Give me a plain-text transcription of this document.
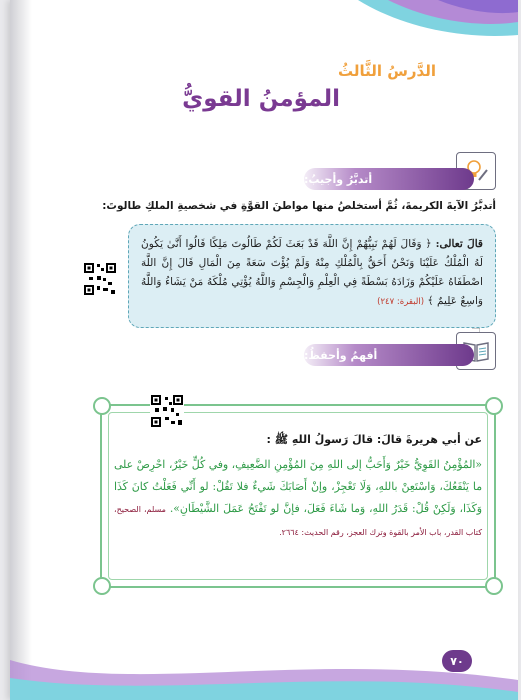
الدَّرسُ الثَّالثُ
المؤمنُ القويُّ
أتدبَّرُ وأجيبُ:
أتدبَّرُ الآيةَ الكريمةَ، ثُمَّ أستخلصُ منها مواطنَ القوَّةِ في شخصيةِ الملكِ طالوتَ:
قالَ تعالى: ﴿ وَقَالَ لَهُمْ نَبِيُّهُمْ إِنَّ اللَّهَ قَدْ بَعَثَ لَكُمْ طَالُوتَ مَلِكًا قَالُوا أَنَّىٰ يَكُونُ لَهُ الْمُلْكُ عَلَيْنَا وَنَحْنُ أَحَقُّ بِالْمُلْكِ مِنْهُ وَلَمْ يُؤْتَ سَعَةً مِنَ الْمَالِ قَالَ إِنَّ اللَّهَ اصْطَفَاهُ عَلَيْكُمْ وَزَادَهُ بَسْطَةً فِي الْعِلْمِ وَالْجِسْمِ وَاللَّهُ يُؤْتِي مُلْكَهُ مَنْ يَشَاءُ وَاللَّهُ وَاسِعٌ عَلِيمٌ ﴾ (البقرة: ٢٤٧)
أفهمُ وأحفظُ:
عن أبي هريرةَ قالَ: قالَ رَسولُ اللهِ ﷺ :
«المُؤْمِنُ القَوِيُّ خَيْرٌ وَأَحَبُّ إلى اللهِ مِنَ المُؤْمِنِ الضَّعِيفِ، وفي كُلٍّ خَيْرٌ، احْرِصْ على ما يَنْفَعُكَ، وَاسْتَعِنْ باللهِ، وَلَا تَعْجِزْ، وإنْ أَصَابَكَ شَيءٌ فلا تَقُلْ: لو أَنِّي فَعَلْتُ كانَ كَذَا وَكَذَا، وَلَكِنْ قُلْ: قَدَرُ اللهِ، وَما شَاءَ فَعَلَ، فإنَّ لو تَفْتَحُ عَمَلَ الشَّيْطَانِ». مسلم، الصحيح، كتاب القدر، باب الأمر بالقوة وترك العجز، رقم الحديث: ٢٦٦٤.
٧٠
